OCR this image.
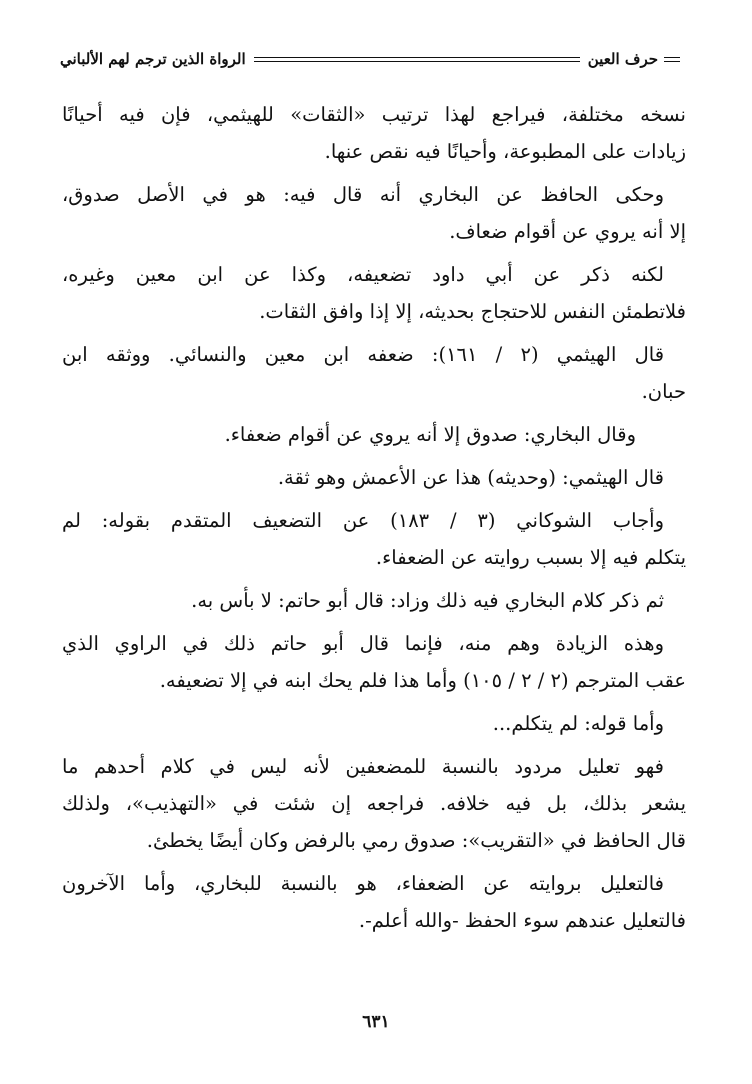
حرف العين
الرواة الذين ترجم لهم الألباني
نسخه مختلفة، فيراجع لهذا ترتيب «الثقات» للهيثمي، فإن فيه أحيانًا
زيادات على المطبوعة، وأحيانًا فيه نقص عنها.
وحكى الحافظ عن البخاري أنه قال فيه: هو في الأصل صدوق،
إلا أنه يروي عن أقوام ضعاف.
لكنه ذكر عن أبي داود تضعيفه، وكذا عن ابن معين وغيره،
فلاتطمئن النفس للاحتجاج بحديثه، إلا إذا وافق الثقات.
قال الهيثمي (٢ / ١٦١): ضعفه ابن معين والنسائي. ووثقه ابن
حبان.
وقال البخاري: صدوق إلا أنه يروي عن أقوام ضعفاء.
قال الهيثمي: (وحديثه) هذا عن الأعمش وهو ثقة.
وأجاب الشوكاني (٣ / ١٨٣) عن التضعيف المتقدم بقوله: لم
يتكلم فيه إلا بسبب روايته عن الضعفاء.
ثم ذكر كلام البخاري فيه ذلك وزاد: قال أبو حاتم: لا بأس به.
وهذه الزيادة وهم منه، فإنما قال أبو حاتم ذلك في الراوي الذي
عقب المترجم (٢ / ٢ / ١٠٥) وأما هذا فلم يحك ابنه في إلا تضعيفه.
وأما قوله: لم يتكلم...
فهو تعليل مردود بالنسبة للمضعفين لأنه ليس في كلام أحدهم ما
يشعر بذلك، بل فيه خلافه. فراجعه إن شئت في «التهذيب»، ولذلك
قال الحافظ في «التقريب»: صدوق رمي بالرفض وكان أيضًا يخطئ.
فالتعليل بروايته عن الضعفاء، هو بالنسبة للبخاري، وأما الآخرون
فالتعليل عندهم سوء الحفظ -والله أعلم-.
٦٣١
